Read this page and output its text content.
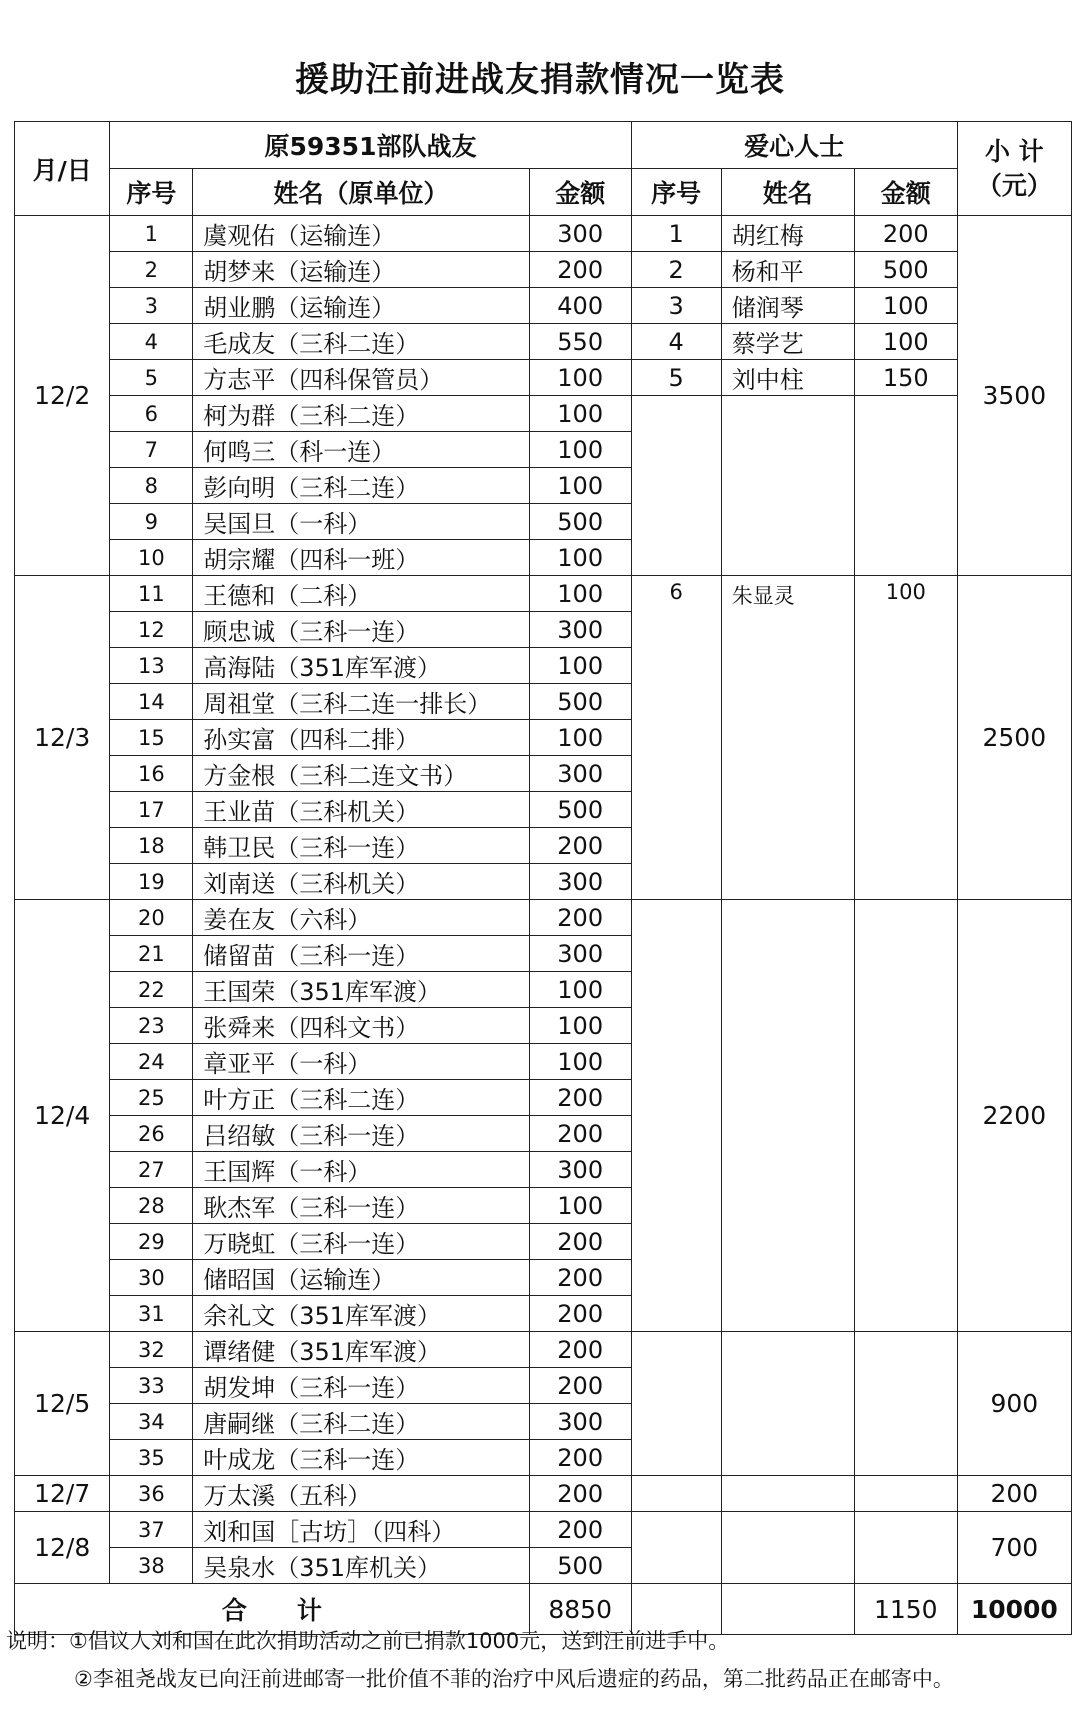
援助汪前进战友捐款情况一览表
月/日	原59351部队战友			爱心人士			小 计
（元）

	序号	姓名（原单位）	金额	序号	姓名	金额	
12/2	1	虞观佑（运输连）	300	1	胡红梅	200	3500
	2	胡梦来（运输连）	200	2	杨和平	500	
	3	胡业鹏（运输连）	400	3	储润琴	100	
	4	毛成友（三科二连）	550	4	蔡学艺	100	
	5	方志平（四科保管员）	100	5	刘中柱	150	
	6	柯为群（三科二连）	100				
	7	何鸣三（科一连）	100				
	8	彭向明（三科二连）	100				
	9	吴国旦（一科）	500				
	10	胡宗耀（四科一班）	100				
12/3	11	王德和（二科）	100	6	朱显灵	100	2500
	12	顾忠诚（三科一连）	300				
	13	高海陆（351库军渡）	100				
	14	周祖堂（三科二连一排长）	500				
	15	孙实富（四科二排）	100				
	16	方金根（三科二连文书）	300				
	17	王业苗（三科机关）	500				
	18	韩卫民（三科一连）	200				
	19	刘南送（三科机关）	300				
12/4	20	姜在友（六科）	200				2200
	21	储留苗（三科一连）	300				
	22	王国荣（351库军渡）	100				
	23	张舜来（四科文书）	100				
	24	章亚平（一科）	100				
	25	叶方正（三科二连）	200				
	26	吕绍敏（三科一连）	200				
	27	王国辉（一科）	300				
	28	耿杰军（三科一连）	100				
	29	万晓虹（三科一连）	200				
	30	储昭国（运输连）	200				
	31	余礼文（351库军渡）	200				
12/5	32	谭绪健（351库军渡）	200				900
	33	胡发坤（三科一连）	200				
	34	唐嗣继（三科二连）	300				
	35	叶成龙（三科一连）	200				
12/7	36	万太溪（五科）	200				200
12/8	37	刘和国［古坊］（四科）	200				700
	38	吴泉水（351库机关）	500				
合　　计			8850			1150	10000
说明：①倡议人刘和国在此次捐助活动之前已捐款1000元，送到汪前进手中。
②李祖尧战友已向汪前进邮寄一批价值不菲的治疗中风后遗症的药品，第二批药品正在邮寄中。
